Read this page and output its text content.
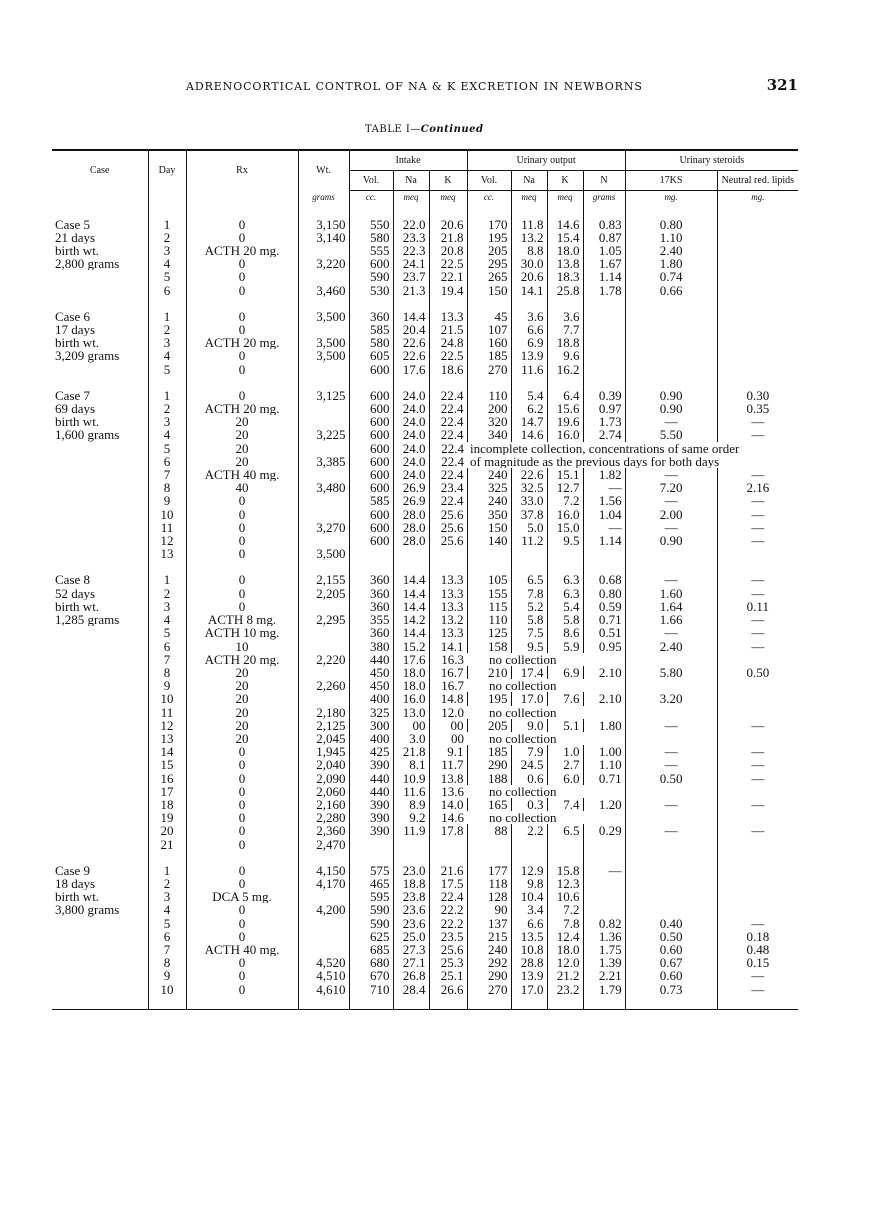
ADRENOCORTICAL CONTROL OF NA & K EXCRETION IN NEWBORNS	321
TABLE I—Continued
Case	Day	Rx	Wt.	Intake			Urinary output				Urinary steroids	
				Vol.	Na	K	Vol.	Na	K	N	17KS	Neutral red. lipids
			grams	cc.	meq	meq	cc.	meq	meq	grams	mg.	mg.

Case 5	1	0	3,150	550	22.0	20.6	170	11.8	14.6	0.83	0.80	
21 days	2	0	3,140	580	23.3	21.8	195	13.2	15.4	0.87	1.10	
birth wt.	3	ACTH 20 mg.		555	22.3	20.8	205	8.8	18.0	1.05	2.40	
2,800 grams	4	0	3,220	600	24.1	22.5	295	30.0	13.8	1.67	1.80	
	5	0		590	23.7	22.1	265	20.6	18.3	1.14	0.74	
	6	0	3,460	530	21.3	19.4	150	14.1	25.8	1.78	0.66	

Case 6	1	0	3,500	360	14.4	13.3	45	3.6	3.6			
17 days	2	0		585	20.4	21.5	107	6.6	7.7			
birth wt.	3	ACTH 20 mg.	3,500	580	22.6	24.8	160	6.9	18.8			
3,209 grams	4	0	3,500	605	22.6	22.5	185	13.9	9.6			
	5	0		600	17.6	18.6	270	11.6	16.2			

Case 7	1	0	3,125	600	24.0	22.4	110	5.4	6.4	0.39	0.90	0.30
69 days	2	ACTH 20 mg.		600	24.0	22.4	200	6.2	15.6	0.97	0.90	0.35
birth wt.	3	20		600	24.0	22.4	320	14.7	19.6	1.73	—	—
1,600 grams	4	20	3,225	600	24.0	22.4	340	14.6	16.0	2.74	5.50	—
	5	20		600	24.0	22.4	incomplete collection, concentrations of same order					
	6	20	3,385	600	24.0	22.4	of magnitude as the previous days for both days					
	7	ACTH 40 mg.		600	24.0	22.4	240	22.6	15.1	1.82	—	—
	8	40	3,480	600	26.9	23.4	325	32.5	12.7	—	7.20	2.16
	9	0		585	26.9	22.4	240	33.0	7.2	1.56	—	—
	10	0		600	28.0	25.6	350	37.8	16.0	1.04	2.00	—
	11	0	3,270	600	28.0	25.6	150	5.0	15.0	—	—	—
	12	0		600	28.0	25.6	140	11.2	9.5	1.14	0.90	—
	13	0	3,500									

Case 8	1	0	2,155	360	14.4	13.3	105	6.5	6.3	0.68	—	—
52 days	2	0	2,205	360	14.4	13.3	155	7.8	6.3	0.80	1.60	—
birth wt.	3	0		360	14.4	13.3	115	5.2	5.4	0.59	1.64	0.11
1,285 grams	4	ACTH 8 mg.	2,295	355	14.2	13.2	110	5.8	5.8	0.71	1.66	—
	5	ACTH 10 mg.		360	14.4	13.3	125	7.5	8.6	0.51	—	—
	6	10		380	15.2	14.1	158	9.5	5.9	0.95	2.40	—
	7	ACTH 20 mg.	2,220	440	17.6	16.3	no collection					
	8	20		450	18.0	16.7	210	17.4	6.9	2.10	5.80	0.50
	9	20	2,260	450	18.0	16.7	no collection					
	10	20		400	16.0	14.8	195	17.0	7.6	2.10	3.20	
	11	20	2,180	325	13.0	12.0	no collection					
	12	20	2,125	300	00	00	205	9.0	5.1	1.80	—	—
	13	20	2,045	400	3.0	00	no collection					
	14	0	1,945	425	21.8	9.1	185	7.9	1.0	1.00	—	—
	15	0	2,040	390	8.1	11.7	290	24.5	2.7	1.10	—	—
	16	0	2,090	440	10.9	13.8	188	0.6	6.0	0.71	0.50	—
	17	0	2,060	440	11.6	13.6	no collection					
	18	0	2,160	390	8.9	14.0	165	0.3	7.4	1.20	—	—
	19	0	2,280	390	9.2	14.6	no collection					
	20	0	2,360	390	11.9	17.8	88	2.2	6.5	0.29	—	—
	21	0	2,470									

Case 9	1	0	4,150	575	23.0	21.6	177	12.9	15.8	—		
18 days	2	0	4,170	465	18.8	17.5	118	9.8	12.3			
birth wt.	3	DCA 5 mg.		595	23.8	22.4	128	10.4	10.6			
3,800 grams	4	0	4,200	590	23.6	22.2	90	3.4	7.2			
	5	0		590	23.6	22.2	137	6.6	7.8	0.82	0.40	—
	6	0		625	25.0	23.5	215	13.5	12.4	1.36	0.50	0.18
	7	ACTH 40 mg.		685	27.3	25.6	240	10.8	18.0	1.75	0.60	0.48
	8	0	4,520	680	27.1	25.3	292	28.8	12.0	1.39	0.67	0.15
	9	0	4,510	670	26.8	25.1	290	13.9	21.2	2.21	0.60	—
	10	0	4,610	710	28.4	26.6	270	17.0	23.2	1.79	0.73	—
